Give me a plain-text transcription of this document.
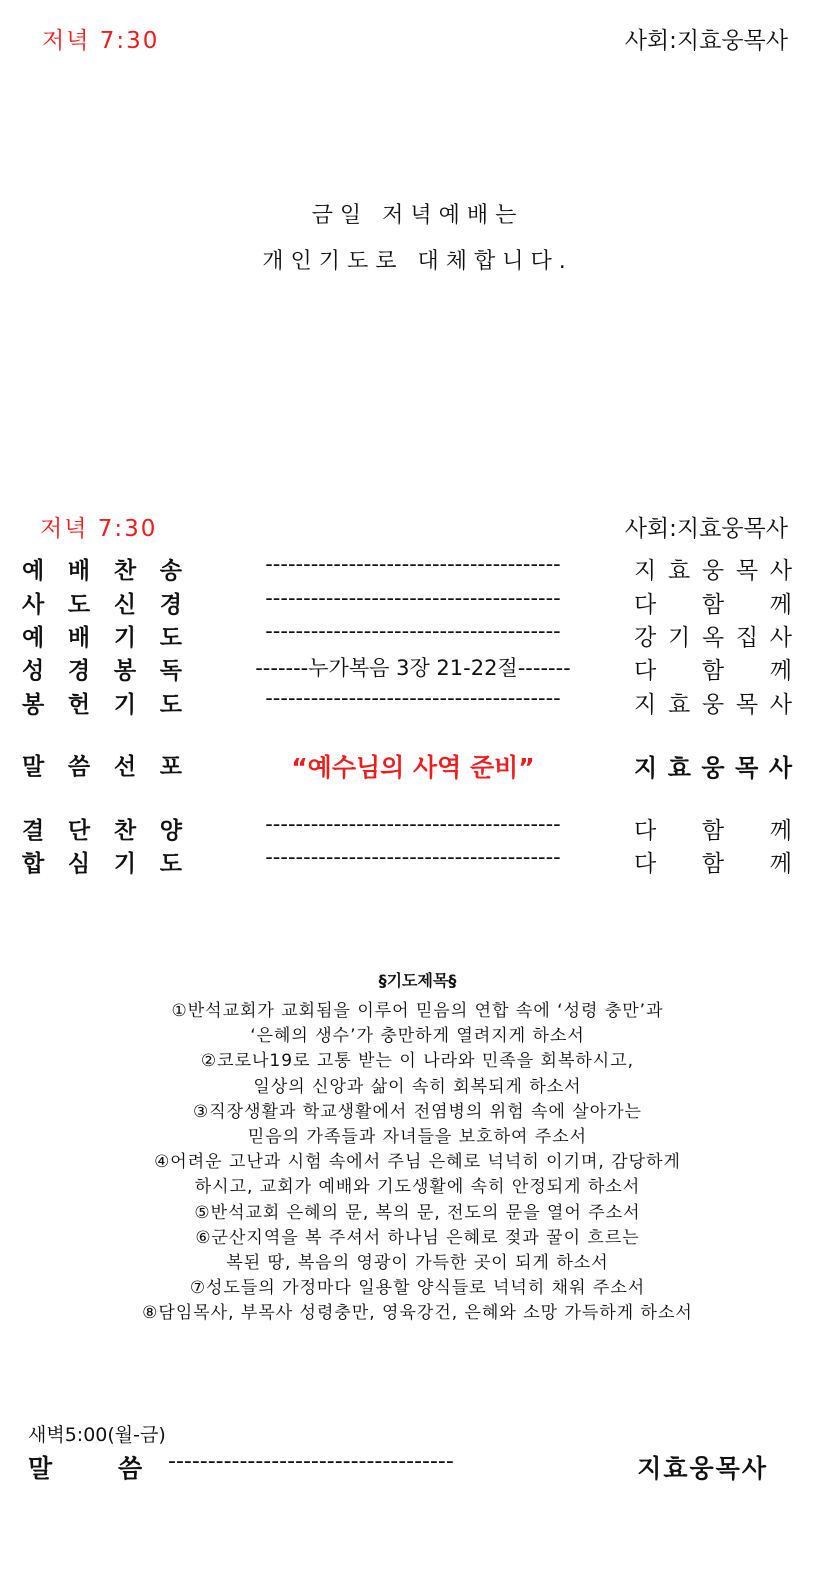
저녁 7:30	사회:지효웅목사
금일 저녁예배는
개인기도로 대체합니다.
저녁 7:30	사회:지효웅목사
예 배 찬 송	---------------------------------------	지 효 웅 목 사
사 도 신 경	---------------------------------------	다 함 께
예 배 기 도	---------------------------------------	강 기 옥 집 사
성 경 봉 독	-------누가복음 3장 21-22절-------	다 함 께
봉 헌 기 도	---------------------------------------	지 효 웅 목 사
말 씀 선 포	“예수님의 사역 준비”	지 효 웅 목 사
결 단 찬 양	---------------------------------------	다 함 께
합 심 기 도	---------------------------------------	다 함 께
§기도제목§
①반석교회가 교회됨을 이루어 믿음의 연합 속에 ‘성령 충만’과
‘은혜의 생수’가 충만하게 열려지게 하소서
②코로나19로 고통 받는 이 나라와 민족을 회복하시고,
일상의 신앙과 삶이 속히 회복되게 하소서
③직장생활과 학교생활에서 전염병의 위험 속에 살아가는
믿음의 가족들과 자녀들을 보호하여 주소서
④어려운 고난과 시험 속에서 주님 은혜로 넉넉히 이기며, 감당하게
하시고, 교회가 예배와 기도생활에 속히 안정되게 하소서
⑤반석교회 은혜의 문, 복의 문, 전도의 문을 열어 주소서
⑥군산지역을 복 주셔서 하나님 은혜로 젖과 꿀이 흐르는
복된 땅, 복음의 영광이 가득한 곳이 되게 하소서
⑦성도들의 가정마다 일용할 양식들로 넉넉히 채워 주소서
⑧담임목사, 부목사 성령충만, 영육강건, 은혜와 소망 가득하게 하소서
새벽5:00(월-금)
말	씀 ------------------------------------	지효웅목사
